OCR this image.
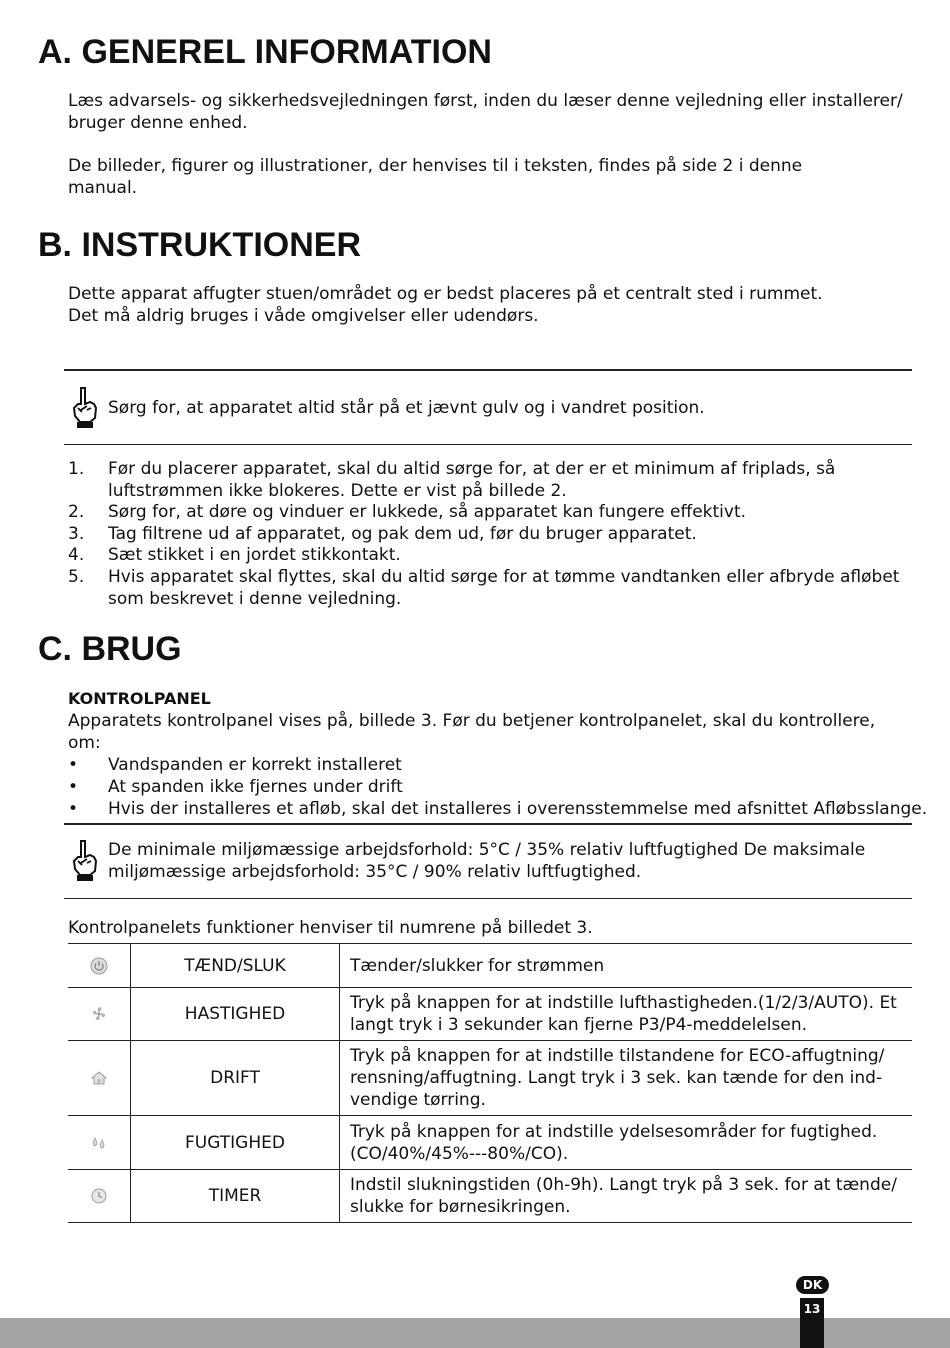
A. GENEREL INFORMATION

Læs advarsels- og sikkerhedsvejledningen først, inden du læser denne vejledning eller installerer/
bruger denne enhed.

De billeder, figurer og illustrationer, der henvises til i teksten, findes på side 2 i denne
manual.

B. INSTRUKTIONER

Dette apparat affugter stuen/området og er bedst placeres på et centralt sted i rummet.
Det må aldrig bruges i våde omgivelser eller udendørs.

Sørg for, at apparatet altid står på et jævnt gulv og i vandret position.
1.	Før du placerer apparatet, skal du altid sørge for, at der er et minimum af friplads, så
luftstrømmen ikke blokeres. Dette er vist på billede 2.
2.	Sørg for, at døre og vinduer er lukkede, så apparatet kan fungere effektivt.
3.	Tag filtrene ud af apparatet, og pak dem ud, før du bruger apparatet.
4.	Sæt stikket i en jordet stikkontakt.
5.	Hvis apparatet skal flyttes, skal du altid sørge for at tømme vandtanken eller afbryde afløbet
som beskrevet i denne vejledning.
C. BRUG

KONTROLPANEL

Apparatets kontrolpanel vises på, billede 3. Før du betjener kontrolpanelet, skal du kontrollere,
om:

•	Vandspanden er korrekt installeret
•	At spanden ikke fjernes under drift
•	Hvis der installeres et afløb, skal det installeres i overensstemmelse med afsnittet Afløbsslange.
De minimale miljømæssige arbejdsforhold: 5°C / 35% relativ luftfugtighed De maksimale
miljømæssige arbejdsforhold: 35°C / 90% relativ luftfugtighed.

Kontrolpanelets funktioner henviser til numrene på billedet 3.

	TÆND/SLUK	Tænder/slukker for strømmen

	HASTIGHED	Tryk på knappen for at indstille lufthastigheden.(1/2/3/AUTO). Et
langt tryk i 3 sekunder kan fjerne P3/P4-meddelelsen.

	DRIFT	Tryk på knappen for at indstille tilstandene for ECO-affugtning/
rensning/affugtning. Langt tryk i 3 sek. kan tænde for den ind-
vendige tørring.

	FUGTIGHED	Tryk på knappen for at indstille ydelsesområder for fugtighed.
(CO/40%/45%---80%/CO).

	TIMER	Indstil slukningstiden (0h-9h). Langt tryk på 3 sek. for at tænde/
slukke for børnesikringen.
DK
13
